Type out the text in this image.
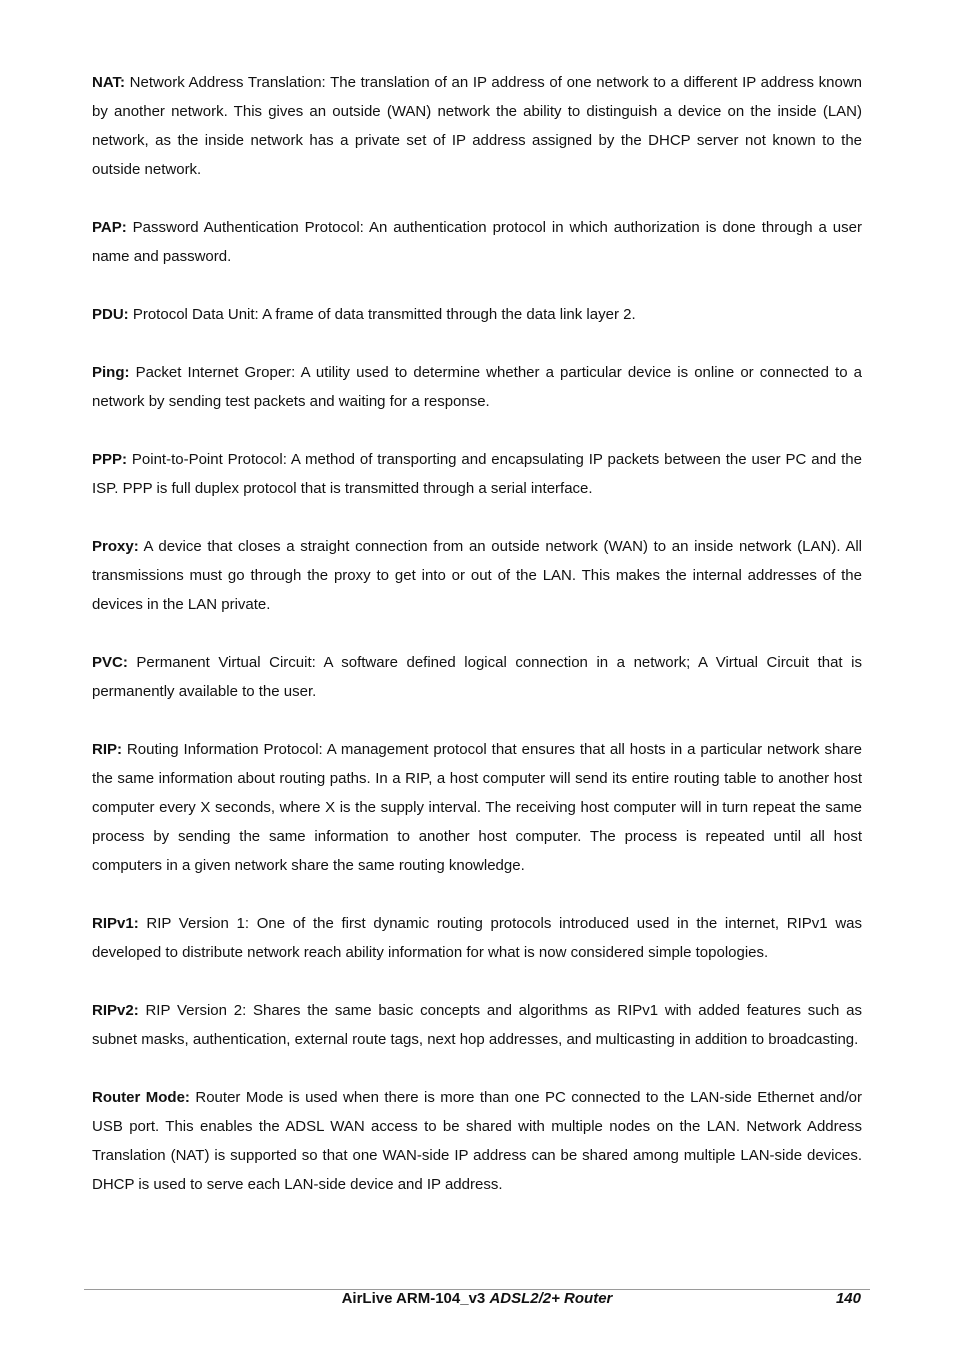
NAT: Network Address Translation: The translation of an IP address of one network to a different IP address known by another network. This gives an outside (WAN) network the ability to distinguish a device on the inside (LAN) network, as the inside network has a private set of IP address assigned by the DHCP server not known to the outside network.

PAP: Password Authentication Protocol: An authentication protocol in which authorization is done through a user name and password.

PDU: Protocol Data Unit: A frame of data transmitted through the data link layer 2.

Ping: Packet Internet Groper: A utility used to determine whether a particular device is online or connected to a network by sending test packets and waiting for a response.

PPP: Point-to-Point Protocol: A method of transporting and encapsulating IP packets between the user PC and the ISP. PPP is full duplex protocol that is transmitted through a serial interface.

Proxy: A device that closes a straight connection from an outside network (WAN) to an inside network (LAN). All transmissions must go through the proxy to get into or out of the LAN. This makes the internal addresses of the devices in the LAN private.

PVC: Permanent Virtual Circuit: A software defined logical connection in a network; A Virtual Circuit that is permanently available to the user.

RIP: Routing Information Protocol: A management protocol that ensures that all hosts in a particular network share the same information about routing paths. In a RIP, a host computer will send its entire routing table to another host computer every X seconds, where X is the supply interval. The receiving host computer will in turn repeat the same process by sending the same information to another host computer. The process is repeated until all host computers in a given network share the same routing knowledge.

RIPv1: RIP Version 1: One of the first dynamic routing protocols introduced used in the internet, RIPv1 was developed to distribute network reach ability information for what is now considered simple topologies.

RIPv2: RIP Version 2: Shares the same basic concepts and algorithms as RIPv1 with added features such as subnet masks, authentication, external route tags, next hop addresses, and multicasting in addition to broadcasting.

Router Mode: Router Mode is used when there is more than one PC connected to the LAN-side Ethernet and/or USB port. This enables the ADSL WAN access to be shared with multiple nodes on the LAN. Network Address Translation (NAT) is supported so that one WAN-side IP address can be shared among multiple LAN-side devices. DHCP is used to serve each LAN-side device and IP address.

AirLive ARM-104_v3 ADSL2/2+ Router	140
